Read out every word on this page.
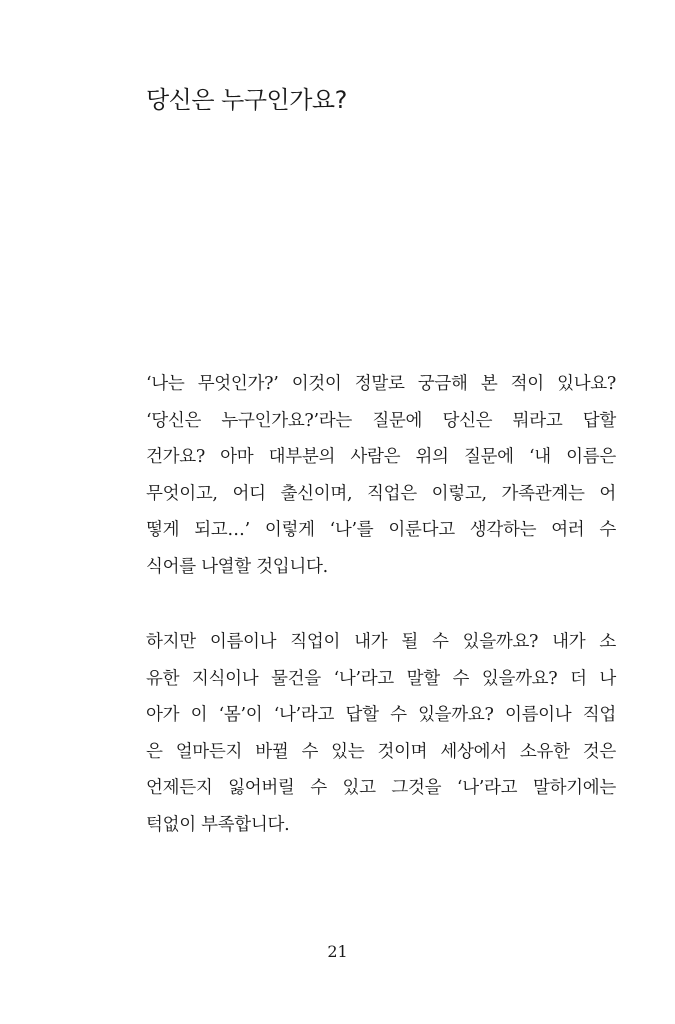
당신은 누구인가요?
‘나는 무엇인가?’ 이것이 정말로 궁금해 본 적이 있나요?
‘당신은 누구인가요?’라는 질문에 당신은 뭐라고 답할
건가요? 아마 대부분의 사람은 위의 질문에 ‘내 이름은
무엇이고, 어디 출신이며, 직업은 이렇고, 가족관계는 어
떻게 되고…’ 이렇게 ‘나’를 이룬다고 생각하는 여러 수
식어를 나열할 것입니다.
하지만 이름이나 직업이 내가 될 수 있을까요? 내가 소
유한 지식이나 물건을 ‘나’라고 말할 수 있을까요? 더 나
아가 이 ‘몸’이 ‘나’라고 답할 수 있을까요? 이름이나 직업
은 얼마든지 바뀔 수 있는 것이며 세상에서 소유한 것은
언제든지 잃어버릴 수 있고 그것을 ‘나’라고 말하기에는
턱없이 부족합니다.
21
